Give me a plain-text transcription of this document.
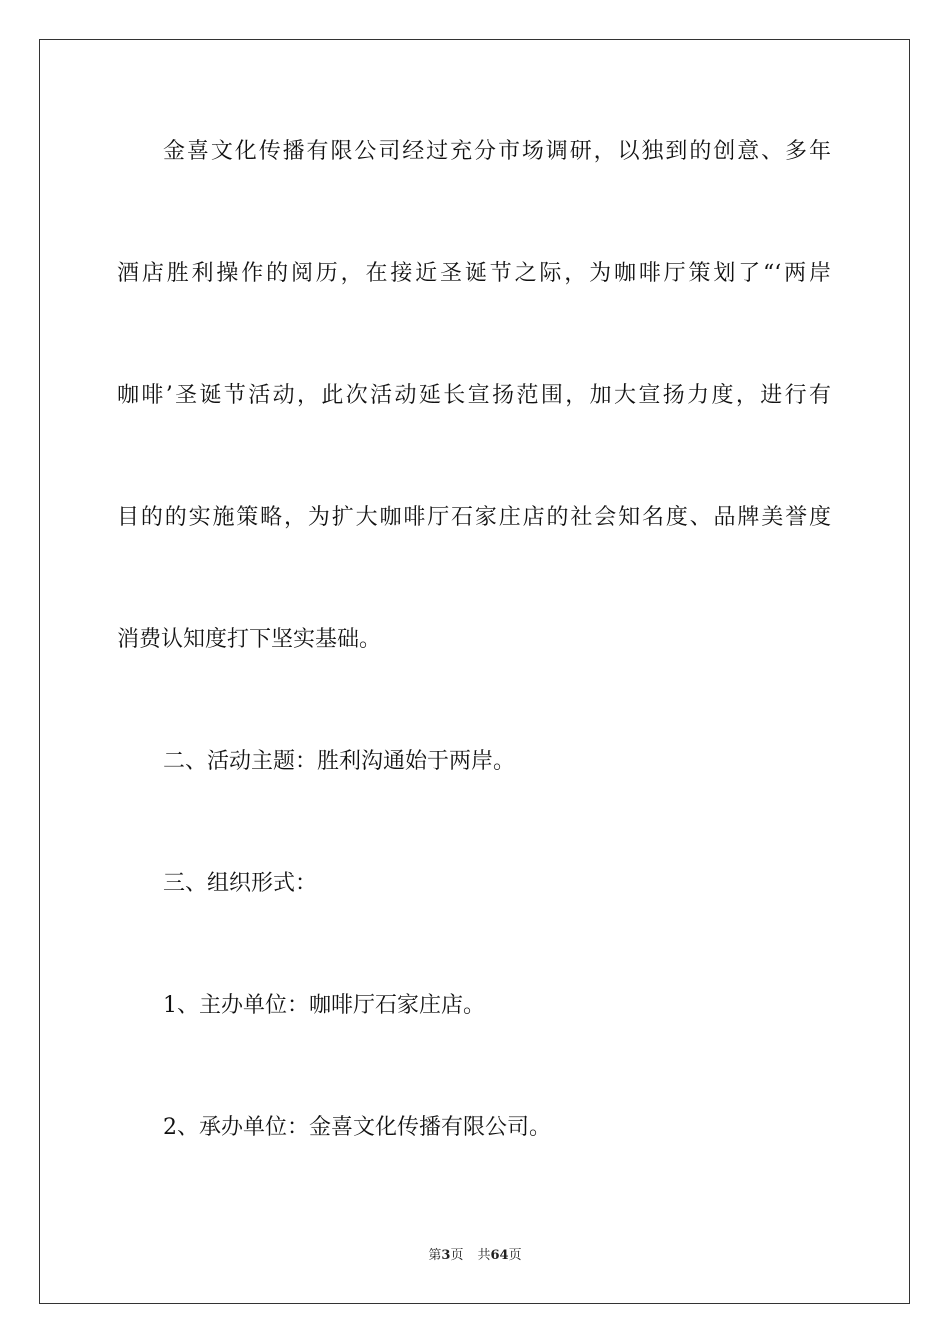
金喜文化传播有限公司经过充分市场调研，以独到的创意、多年
酒店胜利操作的阅历，在接近圣诞节之际，为咖啡厅策划了“‘两岸
咖啡’圣诞节活动，此次活动延长宣扬范围，加大宣扬力度，进行有
目的的实施策略，为扩大咖啡厅石家庄店的社会知名度、品牌美誉度
消费认知度打下坚实基础。
二、活动主题：胜利沟通始于两岸。
三、组织形式：
1、主办单位：咖啡厅石家庄店。
2、承办单位：金喜文化传播有限公司。
第3页 共64页
